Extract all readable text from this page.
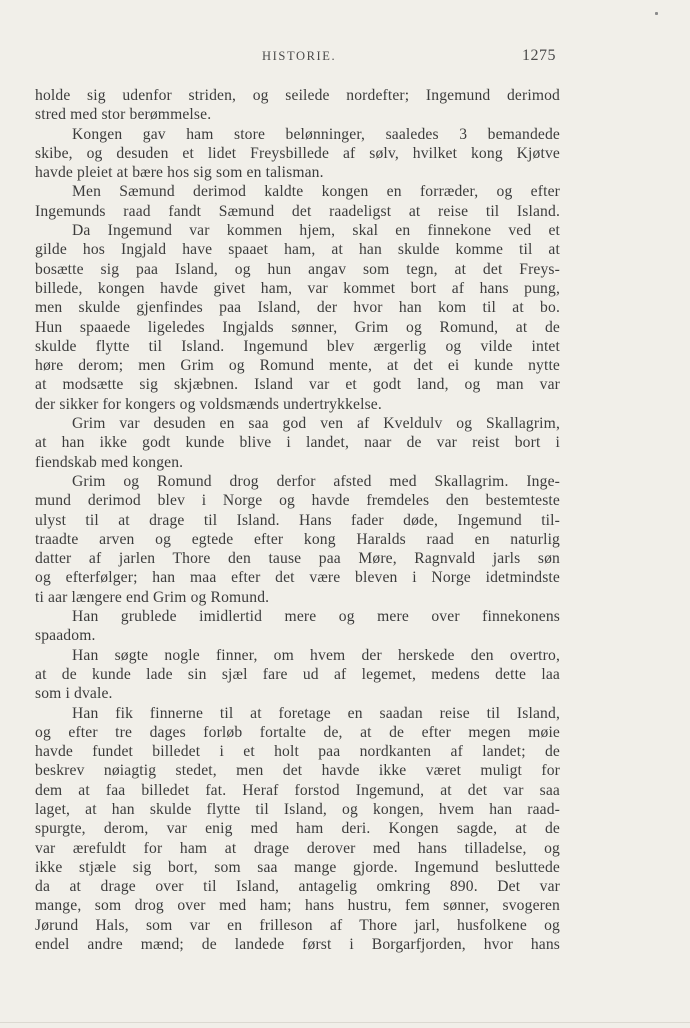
HISTORIE.	1275
holde sig udenfor striden, og seilede nordefter; Ingemund derimod
stred med stor berømmelse.
Kongen gav ham store belønninger, saaledes 3 bemandede
skibe, og desuden et lidet Freysbillede af sølv, hvilket kong Kjøtve
havde pleiet at bære hos sig som en talisman.
Men Sæmund derimod kaldte kongen en forræder, og efter
Ingemunds raad fandt Sæmund det raadeligst at reise til Island.
Da Ingemund var kommen hjem, skal en finnekone ved et
gilde hos Ingjald have spaaet ham, at han skulde komme til at
bosætte sig paa Island, og hun angav som tegn, at det Freys-
billede, kongen havde givet ham, var kommet bort af hans pung,
men skulde gjenfindes paa Island, der hvor han kom til at bo.
Hun spaaede ligeledes Ingjalds sønner, Grim og Romund, at de
skulde flytte til Island. Ingemund blev ærgerlig og vilde intet
høre derom; men Grim og Romund mente, at det ei kunde nytte
at modsætte sig skjæbnen. Island var et godt land, og man var
der sikker for kongers og voldsmænds undertrykkelse.
Grim var desuden en saa god ven af Kveldulv og Skallagrim,
at han ikke godt kunde blive i landet, naar de var reist bort i
fiendskab med kongen.
Grim og Romund drog derfor afsted med Skallagrim. Inge-
mund derimod blev i Norge og havde fremdeles den bestemteste
ulyst til at drage til Island. Hans fader døde, Ingemund til-
traadte arven og egtede efter kong Haralds raad en naturlig
datter af jarlen Thore den tause paa Møre, Ragnvald jarls søn
og efterfølger; han maa efter det være bleven i Norge idetmindste
ti aar længere end Grim og Romund.
Han grublede imidlertid mere og mere over finnekonens
spaadom.
Han søgte nogle finner, om hvem der herskede den overtro,
at de kunde lade sin sjæl fare ud af legemet, medens dette laa
som i dvale.
Han fik finnerne til at foretage en saadan reise til Island,
og efter tre dages forløb fortalte de, at de efter megen møie
havde fundet billedet i et holt paa nordkanten af landet; de
beskrev nøiagtig stedet, men det havde ikke været muligt for
dem at faa billedet fat. Heraf forstod Ingemund, at det var saa
laget, at han skulde flytte til Island, og kongen, hvem han raad-
spurgte, derom, var enig med ham deri. Kongen sagde, at de
var ærefuldt for ham at drage derover med hans tilladelse, og
ikke stjæle sig bort, som saa mange gjorde. Ingemund besluttede
da at drage over til Island, antagelig omkring 890. Det var
mange, som drog over med ham; hans hustru, fem sønner, svogeren
Jørund Hals, som var en frilleson af Thore jarl, husfolkene og
endel andre mænd; de landede først i Borgarfjorden, hvor hans
